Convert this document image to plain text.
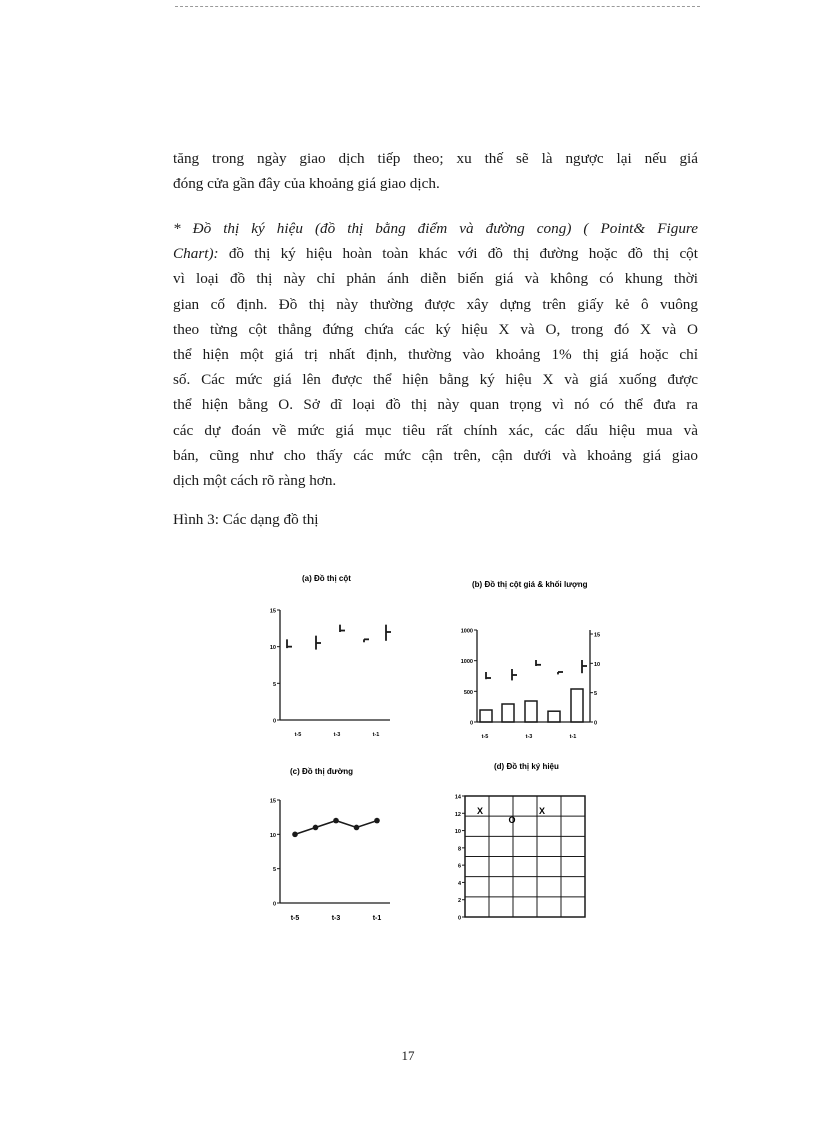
tăng trong ngày giao dịch tiếp theo; xu thế sẽ là ngược lại nếu giá
đóng cửa gần đây của khoảng giá giao dịch.
* Đồ thị ký hiệu (đồ thị bằng điểm và đường cong) ( Point& Figure
Chart): đồ thị ký hiệu hoàn toàn khác với đồ thị đường hoặc đồ thị cột
vì loại đồ thị này chỉ phản ánh diễn biến giá và không có khung thời
gian cố định. Đồ thị này thường được xây dựng trên giấy kẻ ô vuông
theo từng cột thẳng đứng chứa các ký hiệu X và O, trong đó X và O
thể hiện một giá trị nhất định, thường vào khoảng 1% thị giá hoặc chỉ
số. Các mức giá lên được thể hiện bằng ký hiệu X và giá xuống được
thể hiện bằng O. Sở dĩ loại đồ thị này quan trọng vì nó có thể đưa ra
các dự đoán về mức giá mục tiêu rất chính xác, các dấu hiệu mua và
bán, cũng như cho thấy các mức cận trên, cận dưới và khoảng giá giao
dịch một cách rõ ràng hơn.

Hình 3: Các dạng đồ thị

(a) Đồ thị cột
15
10
5
0
t-5	t-3	t-1
(b) Đồ thị cột giá & khối lượng
1000
1000
500
0
15
10
5
0
t-5	t-3	t-1
(c) Đồ thị đường
15
10
5
0
t-5	t-3	t-1
(d) Đồ thị ký hiệu
14
12
10
8
6
4
2
0
X
O
X
17
